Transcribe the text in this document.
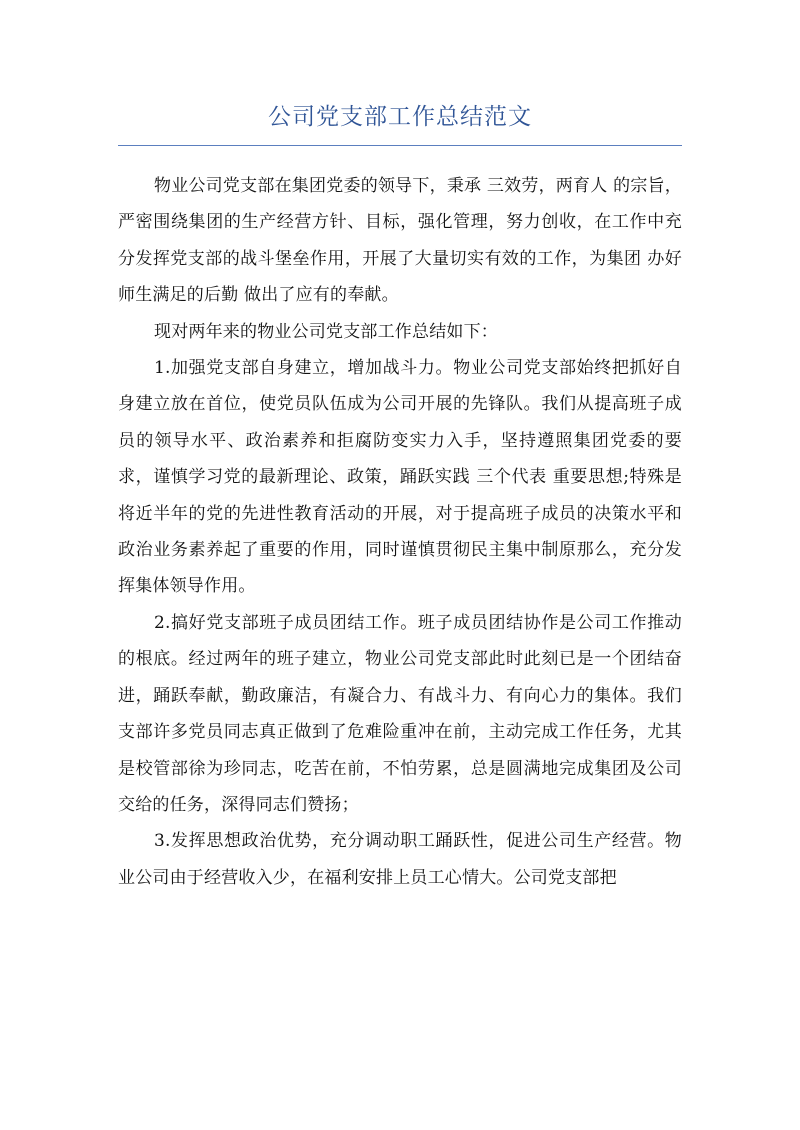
公司党支部工作总结范文

物业公司党支部在集团党委的领导下，秉承 三效劳，两育人 的宗旨，严密围绕集团的生产经营方针、目标，强化管理，努力创收，在工作中充分发挥党支部的战斗堡垒作用，开展了大量切实有效的工作，为集团 办好师生满足的后勤 做出了应有的奉献。

现对两年来的物业公司党支部工作总结如下：

1.加强党支部自身建立，增加战斗力。物业公司党支部始终把抓好自身建立放在首位，使党员队伍成为公司开展的先锋队。我们从提高班子成员的领导水平、政治素养和拒腐防变实力入手，坚持遵照集团党委的要求，谨慎学习党的最新理论、政策，踊跃实践 三个代表 重要思想;特殊是将近半年的党的先进性教育活动的开展，对于提高班子成员的决策水平和政治业务素养起了重要的作用，同时谨慎贯彻民主集中制原那么，充分发挥集体领导作用。

2.搞好党支部班子成员团结工作。班子成员团结协作是公司工作推动的根底。经过两年的班子建立，物业公司党支部此时此刻已是一个团结奋进，踊跃奉献，勤政廉洁，有凝合力、有战斗力、有向心力的集体。我们支部许多党员同志真正做到了危难险重冲在前，主动完成工作任务，尤其是校管部徐为珍同志，吃苦在前，不怕劳累，总是圆满地完成集团及公司交给的任务，深得同志们赞扬；

3.发挥思想政治优势，充分调动职工踊跃性，促进公司生产经营。物业公司由于经营收入少，在福利安排上员工心情大。公司党支部把
